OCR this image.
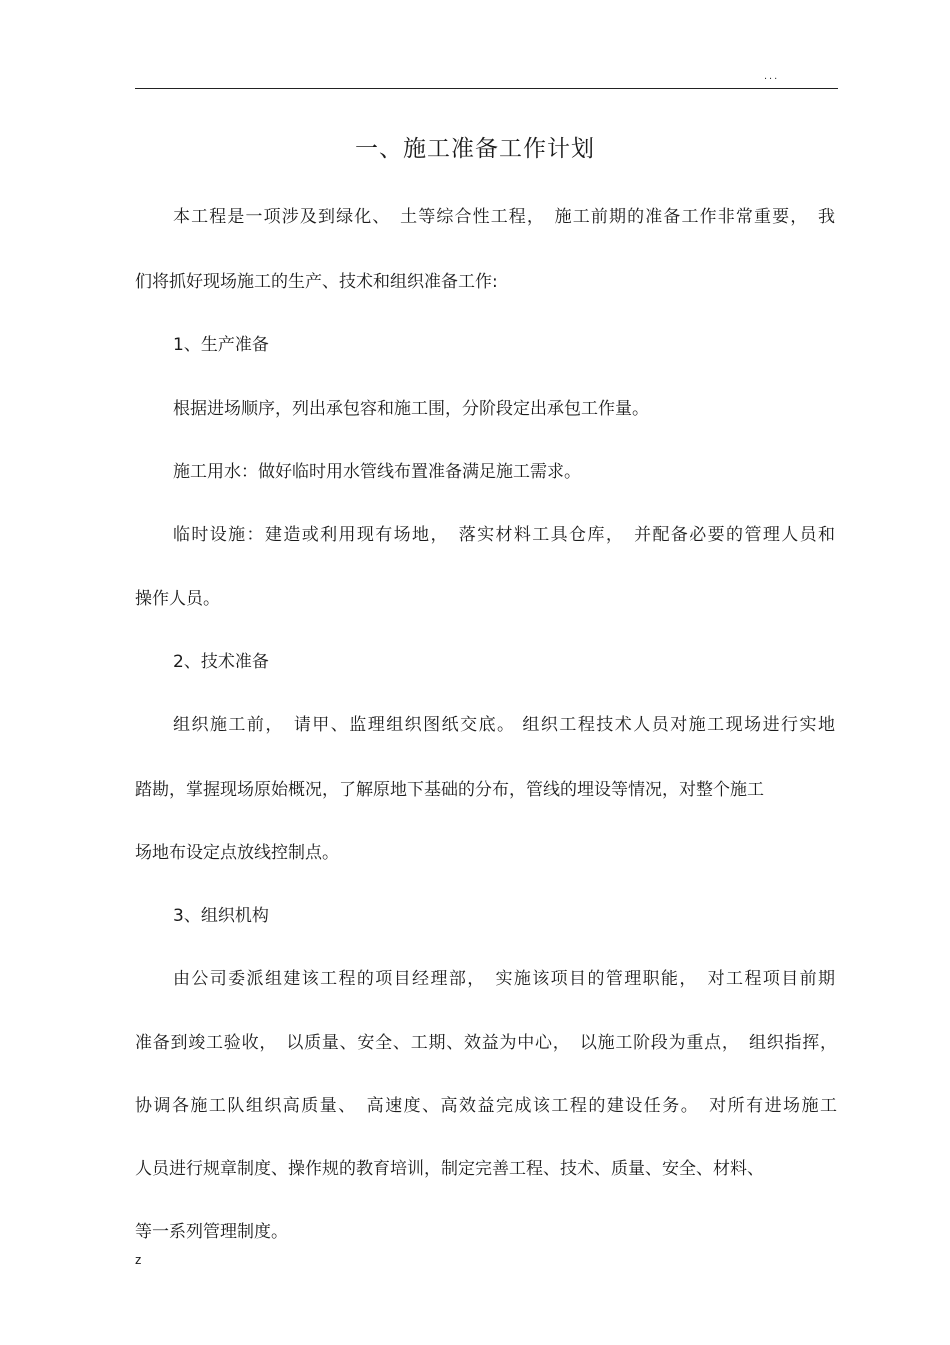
...
一、施工准备工作计划
本工程是一项涉及到绿化、　土等综合性工程，　施工前期的准备工作非常重要，　我
们将抓好现场施工的生产、技术和组织准备工作:
1、生产准备
根据进场顺序，列出承包容和施工围，分阶段定出承包工作量。
施工用水：做好临时用水管线布置准备满足施工需求。
临时设施：建造或利用现有场地，　落实材料工具仓库，　并配备必要的管理人员和
操作人员。
2、技术准备
组织施工前，　请甲、监理组织图纸交底。 组织工程技术人员对施工现场进行实地
踏勘，掌握现场原始概况，了解原地下基础的分布，管线的埋设等情况，对整个施工
场地布设定点放线控制点。
3、组织机构
由公司委派组建该工程的项目经理部，　实施该项目的管理职能，　对工程项目前期
准备到竣工验收，　以质量、安全、工期、效益为中心，　以施工阶段为重点，　组织指挥，
协调各施工队组织高质量、　高速度、高效益完成该工程的建设任务。　对所有进场施工
人员进行规章制度、操作规的教育培训，制定完善工程、技术、质量、安全、材料、
等一系列管理制度。
z
